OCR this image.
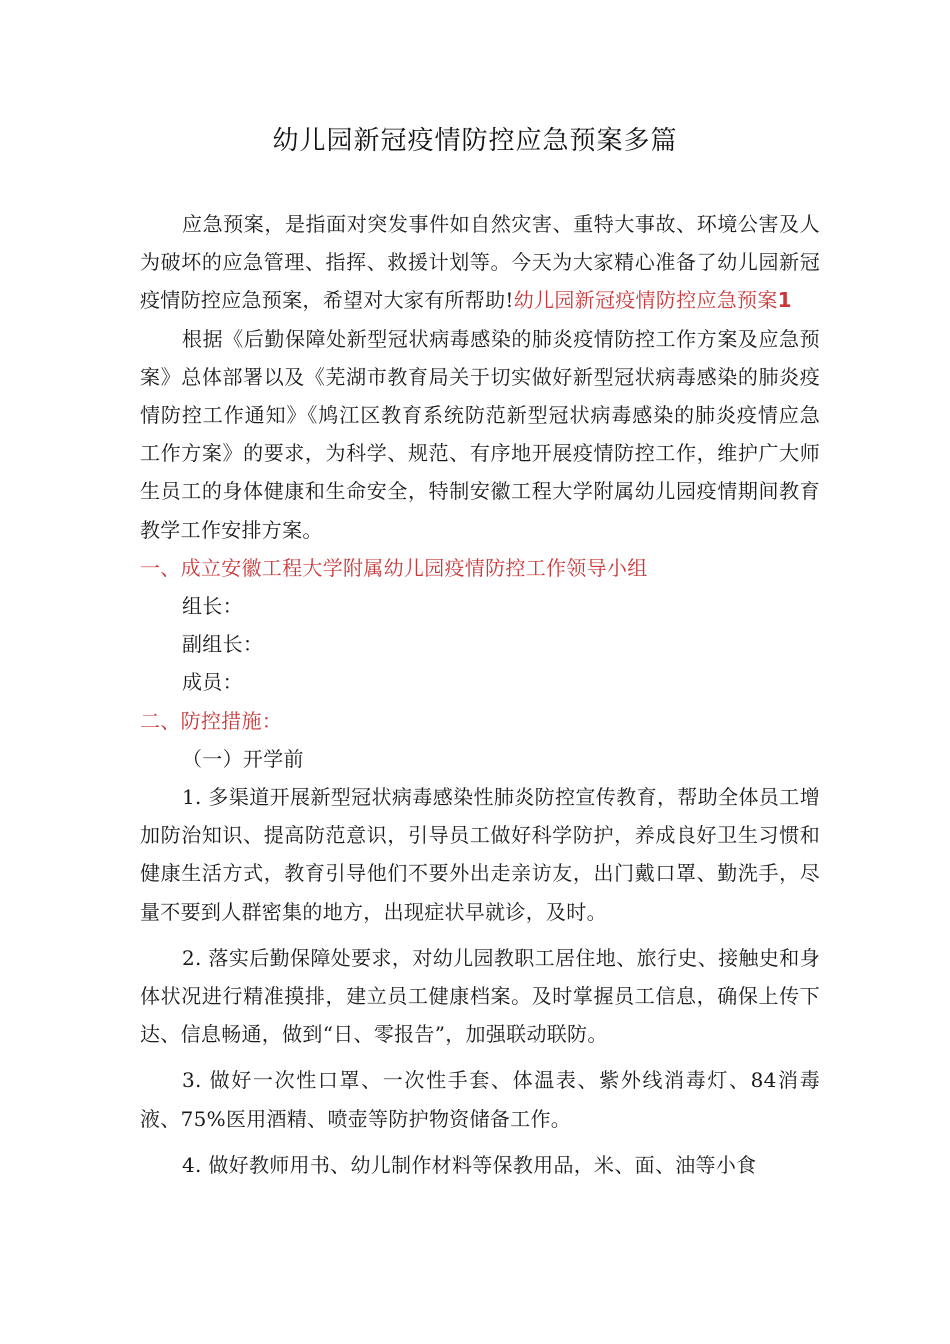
幼儿园新冠疫情防控应急预案多篇

应急预案，是指面对突发事件如自然灾害、重特大事故、环境公害及人为破坏的应急管理、指挥、救援计划等。今天为大家精心准备了幼儿园新冠疫情防控应急预案，希望对大家有所帮助!幼儿园新冠疫情防控应急预案1

根据《后勤保障处新型冠状病毒感染的肺炎疫情防控工作方案及应急预案》总体部署以及《芜湖市教育局关于切实做好新型冠状病毒感染的肺炎疫情防控工作通知》《鸠江区教育系统防范新型冠状病毒感染的肺炎疫情应急工作方案》的要求，为科学、规范、有序地开展疫情防控工作，维护广大师生员工的身体健康和生命安全，特制安徽工程大学附属幼儿园疫情期间教育教学工作安排方案。

一、成立安徽工程大学附属幼儿园疫情防控工作领导小组

组长：

副组长：

成员：

二、防控措施：

（一）开学前

1. 多渠道开展新型冠状病毒感染性肺炎防控宣传教育，帮助全体员工增加防治知识、提高防范意识，引导员工做好科学防护，养成良好卫生习惯和健康生活方式，教育引导他们不要外出走亲访友，出门戴口罩、勤洗手，尽量不要到人群密集的地方，出现症状早就诊，及时。

2. 落实后勤保障处要求，对幼儿园教职工居住地、旅行史、接触史和身体状况进行精准摸排，建立员工健康档案。及时掌握员工信息，确保上传下达、信息畅通，做到“日、零报告”，加强联动联防。

3. 做好一次性口罩、一次性手套、体温表、紫外线消毒灯、84消毒液、75%医用酒精、喷壶等防护物资储备工作。

4. 做好教师用书、幼儿制作材料等保教用品，米、面、油等小食
